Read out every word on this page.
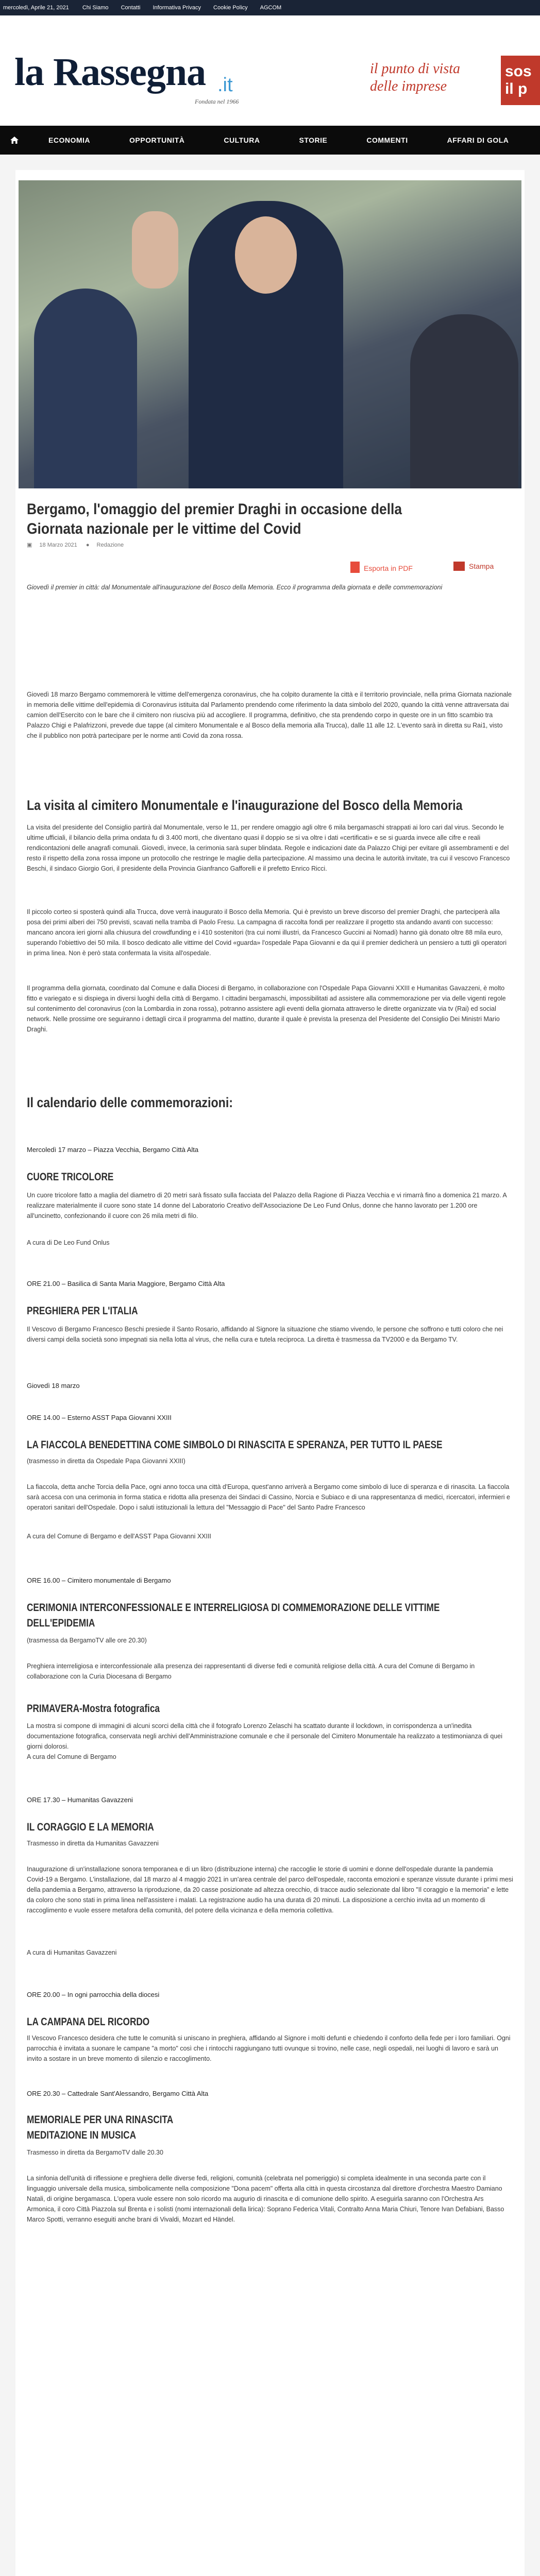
mercoledì, Aprile 21, 2021 Chi Siamo Contatti Informativa Privacy Cookie Policy AGCOM
la Rassegna .it
Fondata nel 1966
il punto di vista
delle imprese
sos
il p
ECONOMIA	OPPORTUNITÀ	CULTURA	STORIE	COMMENTI	AFFARI DI GOLA
Bergamo, l'omaggio del premier Draghi in occasione della Giornata nazionale per le vittime del Covid
▣ 18 Marzo 2021 ● Redazione
Esporta in PDF	Stampa
Giovedì il premier in città: dal Monumentale all'inaugurazione del Bosco della Memoria. Ecco il programma della giornata e delle commemorazioni
Giovedì 18 marzo Bergamo commemorerà le vittime dell'emergenza coronavirus, che ha colpito duramente la città e il territorio provinciale, nella prima Giornata nazionale in memoria delle vittime dell'epidemia di Coronavirus istituita dal Parlamento prendendo come riferimento la data simbolo del 2020, quando la città venne attraversata dai camion dell'Esercito con le bare che il cimitero non riusciva più ad accogliere. Il programma, definitivo, che sta prendendo corpo in queste ore in un fitto scambio tra Palazzo Chigi e Palafrizzoni, prevede due tappe (al cimitero Monumentale e al Bosco della memoria alla Trucca), dalle 11 alle 12. L'evento sarà in diretta su Rai1, visto che il pubblico non potrà partecipare per le norme anti Covid da zona rossa.
La visita al cimitero Monumentale e l'inaugurazione del Bosco della Memoria
La visita del presidente del Consiglio partirà dal Monumentale, verso le 11, per rendere omaggio agli oltre 6 mila bergamaschi strappati ai loro cari dal virus. Secondo le ultime ufficiali, il bilancio della prima ondata fu di 3.400 morti, che diventano quasi il doppio se si va oltre i dati «certificati» e se si guarda invece alle cifre e reali rendicontazioni delle anagrafi comunali. Giovedì, invece, la cerimonia sarà super blindata. Regole e indicazioni date da Palazzo Chigi per evitare gli assembramenti e del resto il rispetto della zona rossa impone un protocollo che restringe le maglie della partecipazione. Al massimo una decina le autorità invitate, tra cui il vescovo Francesco Beschi, il sindaco Giorgio Gori, il presidente della Provincia Gianfranco Gafforelli e il prefetto Enrico Ricci.
Il piccolo corteo si sposterà quindi alla Trucca, dove verrà inaugurato il Bosco della Memoria. Qui è previsto un breve discorso del premier Draghi, che parteciperà alla posa dei primi alberi dei 750 previsti, scavati nella tramba di Paolo Fresu. La campagna di raccolta fondi per realizzare il progetto sta andando avanti con successo: mancano ancora ieri giorni alla chiusura del crowdfunding e i 410 sostenitori (tra cui nomi illustri, da Francesco Guccini ai Nomadi) hanno già donato oltre 88 mila euro, superando l'obiettivo dei 50 mila. Il bosco dedicato alle vittime del Covid «guarda» l'ospedale Papa Giovanni e da qui il premier dedicherà un pensiero a tutti gli operatori in prima linea. Non è però stata confermata la visita all'ospedale.
Il programma della giornata, coordinato dal Comune e dalla Diocesi di Bergamo, in collaborazione con l'Ospedale Papa Giovanni XXIII e Humanitas Gavazzeni, è molto fitto e variegato e si dispiega in diversi luoghi della città di Bergamo. I cittadini bergamaschi, impossibilitati ad assistere alla commemorazione per via delle vigenti regole sul contenimento del coronavirus (con la Lombardia in zona rossa), potranno assistere agli eventi della giornata attraverso le dirette organizzate via tv (Rai) ed social network. Nelle prossime ore seguiranno i dettagli circa il programma del mattino, durante il quale è prevista la presenza del Presidente del Consiglio Dei Ministri Mario Draghi.
Il calendario delle commemorazioni:
Mercoledì 17 marzo – Piazza Vecchia, Bergamo Città Alta
CUORE TRICOLORE
Un cuore tricolore fatto a maglia del diametro di 20 metri sarà fissato sulla facciata del Palazzo della Ragione di Piazza Vecchia e vi rimarrà fino a domenica 21 marzo. A realizzare materialmente il cuore sono state 14 donne del Laboratorio Creativo dell'Associazione De Leo Fund Onlus, donne che hanno lavorato per 1.200 ore all'uncinetto, confezionando il cuore con 26 mila metri di filo.
A cura di De Leo Fund Onlus
ORE 21.00 – Basilica di Santa Maria Maggiore, Bergamo Città Alta
PREGHIERA PER L'ITALIA
Il Vescovo di Bergamo Francesco Beschi presiede il Santo Rosario, affidando al Signore la situazione che stiamo vivendo, le persone che soffrono e tutti coloro che nei diversi campi della società sono impegnati sia nella lotta al virus, che nella cura e tutela reciproca. La diretta è trasmessa da TV2000 e da Bergamo TV.
Giovedì 18 marzo
ORE 14.00 – Esterno ASST Papa Giovanni XXIII
LA FIACCOLA BENEDETTINA COME SIMBOLO DI RINASCITA E SPERANZA, PER TUTTO IL PAESE
(trasmesso in diretta da Ospedale Papa Giovanni XXIII)
La fiaccola, detta anche Torcia della Pace, ogni anno tocca una città d'Europa, quest'anno arriverà a Bergamo come simbolo di luce di speranza e di rinascita. La fiaccola sarà accesa con una cerimonia in forma statica e ridotta alla presenza dei Sindaci di Cassino, Norcia e Subiaco e di una rappresentanza di medici, ricercatori, infermieri e operatori sanitari dell'Ospedale. Dopo i saluti istituzionali la lettura del "Messaggio di Pace" del Santo Padre Francesco
A cura del Comune di Bergamo e dell'ASST Papa Giovanni XXIII
ORE 16.00 – Cimitero monumentale di Bergamo
CERIMONIA INTERCONFESSIONALE E INTERRELIGIOSA DI COMMEMORAZIONE DELLE VITTIME
DELL'EPIDEMIA
(trasmessa da BergamoTV alle ore 20.30)
Preghiera interreligiosa e interconfessionale alla presenza dei rappresentanti di diverse fedi e comunità religiose della città. A cura del Comune di Bergamo in collaborazione con la Curia Diocesana di Bergamo
PRIMAVERA-Mostra fotografica
La mostra si compone di immagini di alcuni scorci della città che il fotografo Lorenzo Zelaschi ha scattato durante il lockdown, in corrispondenza a un'inedita documentazione fotografica, conservata negli archivi dell'Amministrazione comunale e che il personale del Cimitero Monumentale ha realizzato a testimonianza di quei giorni dolorosi.
A cura del Comune di Bergamo
ORE 17.30 – Humanitas Gavazzeni
IL CORAGGIO E LA MEMORIA
Trasmesso in diretta da Humanitas Gavazzeni
Inaugurazione di un'installazione sonora temporanea e di un libro (distribuzione interna) che raccoglie le storie di uomini e donne dell'ospedale durante la pandemia Covid-19 a Bergamo. L'installazione, dal 18 marzo al 4 maggio 2021 in un'area centrale del parco dell'ospedale, racconta emozioni e speranze vissute durante i primi mesi della pandemia a Bergamo, attraverso la riproduzione, da 20 casse posizionate ad altezza orecchio, di tracce audio selezionate dal libro "Il coraggio e la memoria" e lette da coloro che sono stati in prima linea nell'assistere i malati. La registrazione audio ha una durata di 20 minuti. La disposizione a cerchio invita ad un momento di raccoglimento e vuole essere metafora della comunità, del potere della vicinanza e della memoria collettiva.
A cura di Humanitas Gavazzeni
ORE 20.00 – In ogni parrocchia della diocesi
LA CAMPANA DEL RICORDO
Il Vescovo Francesco desidera che tutte le comunità si uniscano in preghiera, affidando al Signore i molti defunti e chiedendo il conforto della fede per i loro familiari. Ogni parrocchia è invitata a suonare le campane "a morto" così che i rintocchi raggiungano tutti ovunque si trovino, nelle case, negli ospedali, nei luoghi di lavoro e sarà un invito a sostare in un breve momento di silenzio e raccoglimento.
ORE 20.30 – Cattedrale Sant'Alessandro, Bergamo Città Alta
MEMORIALE PER UNA RINASCITA
MEDITAZIONE IN MUSICA
Trasmesso in diretta da BergamoTV dalle 20.30
La sinfonia dell'unità di riflessione e preghiera delle diverse fedi, religioni, comunità (celebrata nel pomeriggio) si completa idealmente in una seconda parte con il linguaggio universale della musica, simbolicamente nella composizione "Dona pacem" offerta alla città in questa circostanza dal direttore d'orchestra Maestro Damiano Natali, di origine bergamasca. L'opera vuole essere non solo ricordo ma augurio di rinascita e di comunione dello spirito. A eseguirla saranno con l'Orchestra Ars Armonica, il coro Città Piazzola sul Brenta e i solisti (nomi internazionali della lirica): Soprano Federica Vitali, Contralto Anna Maria Chiuri, Tenore Ivan Defabiani, Basso Marco Spotti, verranno eseguiti anche brani di Vivaldi, Mozart ed Händel.
